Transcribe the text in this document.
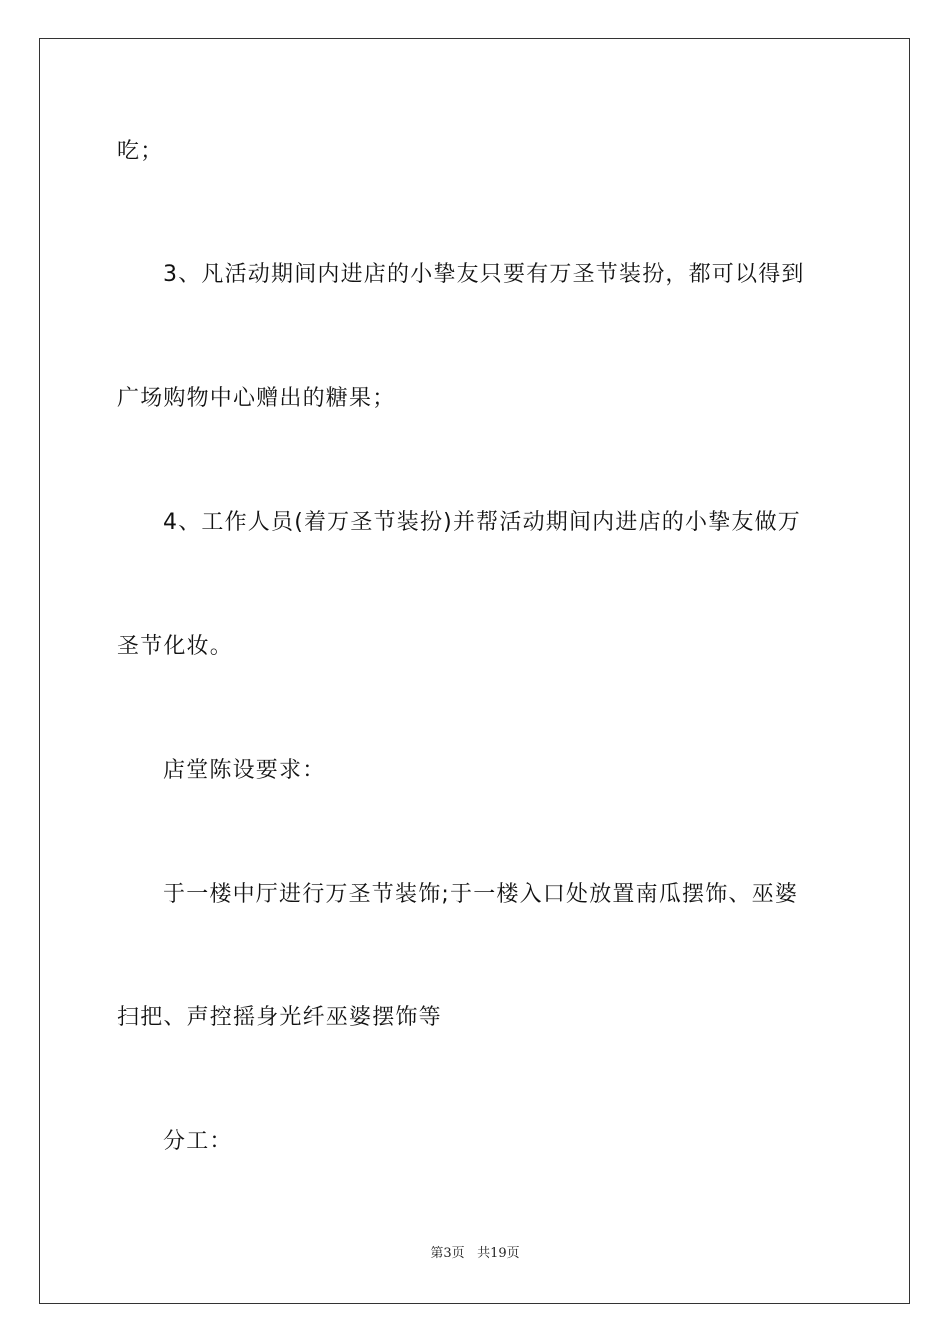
吃；
3、凡活动期间内进店的小挚友只要有万圣节装扮，都可以得到
广场购物中心赠出的糖果；
4、工作人员(着万圣节装扮)并帮活动期间内进店的小挚友做万
圣节化妆。
店堂陈设要求：
于一楼中厅进行万圣节装饰;于一楼入口处放置南瓜摆饰、巫婆
扫把、声控摇身光纤巫婆摆饰等
分工：
第3页 共19页
